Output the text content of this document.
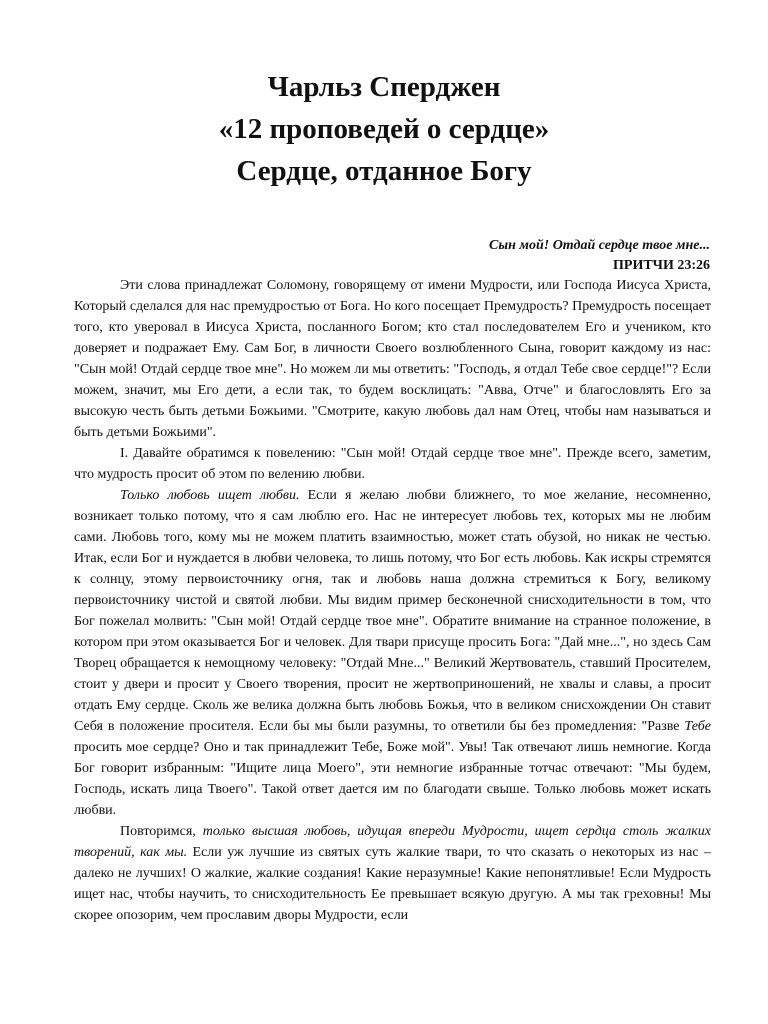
Чарльз Сперджен

«12 проповедей о сердце»

Сердце, отданное Богу

Сын мой! Отдай сердце твое мне...
ПРИТЧИ 23:26

Эти слова принадлежат Соломону, говорящему от имени Мудрости, или Господа Иисуса Христа, Который сделался для нас премудростью от Бога. Но кого посещает Премудрость? Премудрость посещает того, кто уверовал в Иисуса Христа, посланного Богом; кто стал последователем Его и учеником, кто доверяет и подражает Ему. Сам Бог, в личности Своего возлюбленного Сына, говорит каждому из нас: "Сын мой! Отдай сердце твое мне". Но можем ли мы ответить: "Господь, я отдал Тебе свое сердце!"? Если можем, значит, мы Его дети, а если так, то будем восклицать: "Авва, Отче" и благословлять Его за высокую честь быть детьми Божьими. "Смотрите, какую любовь дал нам Отец, чтобы нам называться и быть детьми Божьими".

I. Давайте обратимся к повелению: "Сын мой! Отдай сердце твое мне". Прежде всего, заметим, что мудрость просит об этом по велению любви.

Только любовь ищет любви. Если я желаю любви ближнего, то мое желание, несомненно, возникает только потому, что я сам люблю его. Нас не интересует любовь тех, которых мы не любим сами. Любовь того, кому мы не можем платить взаимностью, может стать обузой, но никак не честью. Итак, если Бог и нуждается в любви человека, то лишь потому, что Бог есть любовь. Как искры стремятся к солнцу, этому первоисточнику огня, так и любовь наша должна стремиться к Богу, великому первоисточнику чистой и святой любви. Мы видим пример бесконечной снисходительности в том, что Бог пожелал молвить: "Сын мой! Отдай сердце твое мне". Обратите внимание на странное положение, в котором при этом оказывается Бог и человек. Для твари присуще просить Бога: "Дай мне...", но здесь Сам Творец обращается к немощному человеку: "Отдай Мне..." Великий Жертвователь, ставший Просителем, стоит у двери и просит у Своего творения, просит не жертвоприношений, не хвалы и славы, а просит отдать Ему сердце. Сколь же велика должна быть любовь Божья, что в великом снисхождении Он ставит Себя в положение просителя. Если бы мы были разумны, то ответили бы без промедления: "Разве Тебе просить мое сердце? Оно и так принадлежит Тебе, Боже мой". Увы! Так отвечают лишь немногие. Когда Бог говорит избранным: "Ищите лица Моего", эти немногие избранные тотчас отвечают: "Мы будем, Господь, искать лица Твоего". Такой ответ дается им по благодати свыше. Только любовь может искать любви.

Повторимся, только высшая любовь, идущая впереди Мудрости, ищет сердца столь жалких творений, как мы. Если уж лучшие из святых суть жалкие твари, то что сказать о некоторых из нас – далеко не лучших! О жалкие, жалкие создания! Какие неразумные! Какие непонятливые! Если Мудрость ищет нас, чтобы научить, то снисходительность Ее превышает всякую другую. А мы так греховны! Мы скорее опозорим, чем прославим дворы Мудрости, если
